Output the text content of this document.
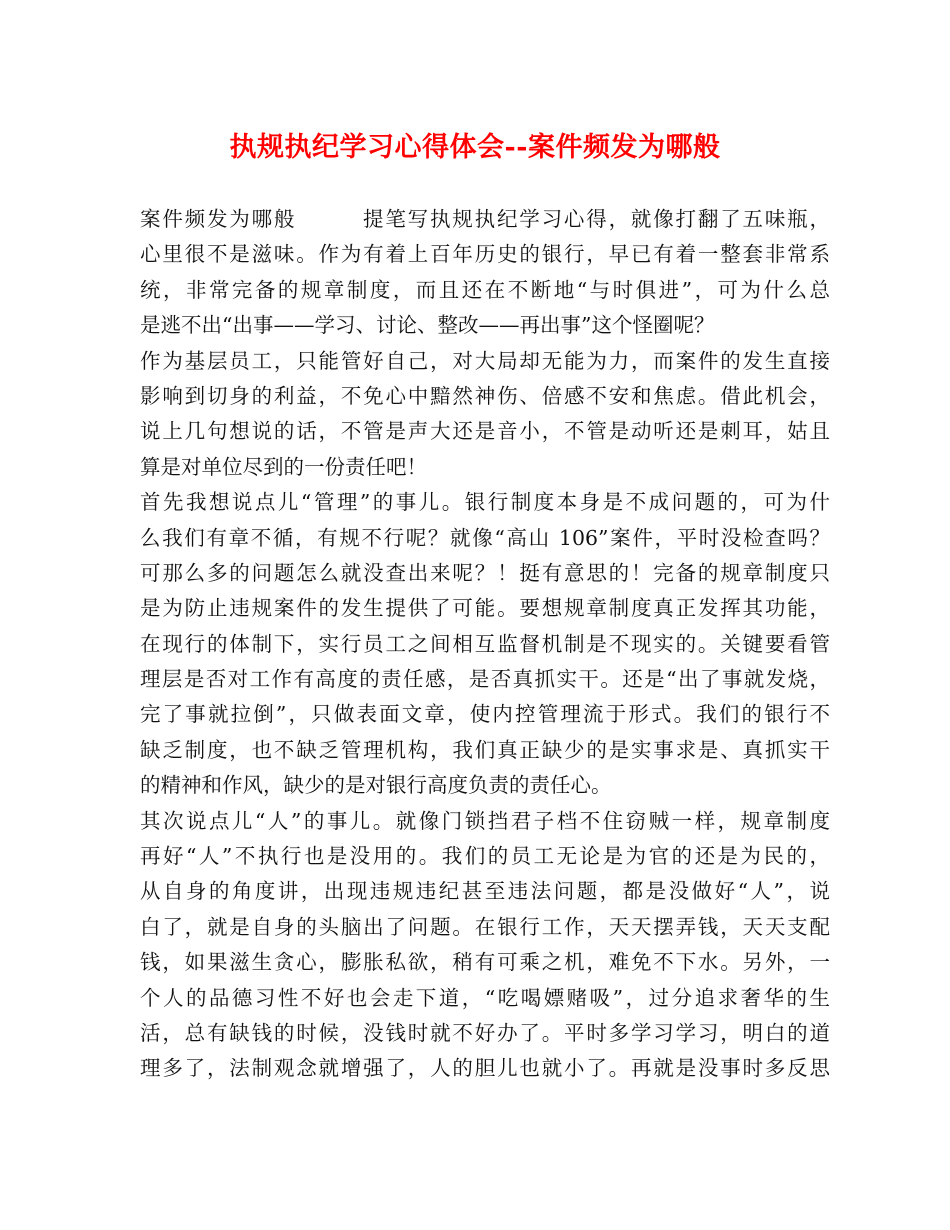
执规执纪学习心得体会--案件频发为哪般
案件频发为哪般        提笔写执规执纪学习心得，就像打翻了五味瓶，
心里很不是滋味。作为有着上百年历史的银行，早已有着一整套非常系
统，非常完备的规章制度，而且还在不断地“与时俱进”，可为什么总
是逃不出“出事——学习、讨论、整改——再出事”这个怪圈呢？
作为基层员工，只能管好自己，对大局却无能为力，而案件的发生直接
影响到切身的利益，不免心中黯然神伤、倍感不安和焦虑。借此机会，
说上几句想说的话，不管是声大还是音小，不管是动听还是刺耳，姑且
算是对单位尽到的一份责任吧！
首先我想说点儿“管理”的事儿。银行制度本身是不成问题的，可为什
么我们有章不循，有规不行呢？就像“高山 106”案件，平时没检查吗？
可那么多的问题怎么就没查出来呢？！挺有意思的！完备的规章制度只
是为防止违规案件的发生提供了可能。要想规章制度真正发挥其功能，
在现行的体制下，实行员工之间相互监督机制是不现实的。关键要看管
理层是否对工作有高度的责任感，是否真抓实干。还是“出了事就发烧，
完了事就拉倒”，只做表面文章，使内控管理流于形式。我们的银行不
缺乏制度，也不缺乏管理机构，我们真正缺少的是实事求是、真抓实干
的精神和作风，缺少的是对银行高度负责的责任心。
其次说点儿“人”的事儿。就像门锁挡君子档不住窃贼一样，规章制度
再好“人”不执行也是没用的。我们的员工无论是为官的还是为民的，
从自身的角度讲，出现违规违纪甚至违法问题，都是没做好“人”，说
白了，就是自身的头脑出了问题。在银行工作，天天摆弄钱，天天支配
钱，如果滋生贪心，膨胀私欲，稍有可乘之机，难免不下水。另外，一
个人的品德习性不好也会走下道，“吃喝嫖赌吸”，过分追求奢华的生
活，总有缺钱的时候，没钱时就不好办了。平时多学习学习，明白的道
理多了，法制观念就增强了，人的胆儿也就小了。再就是没事时多反思
